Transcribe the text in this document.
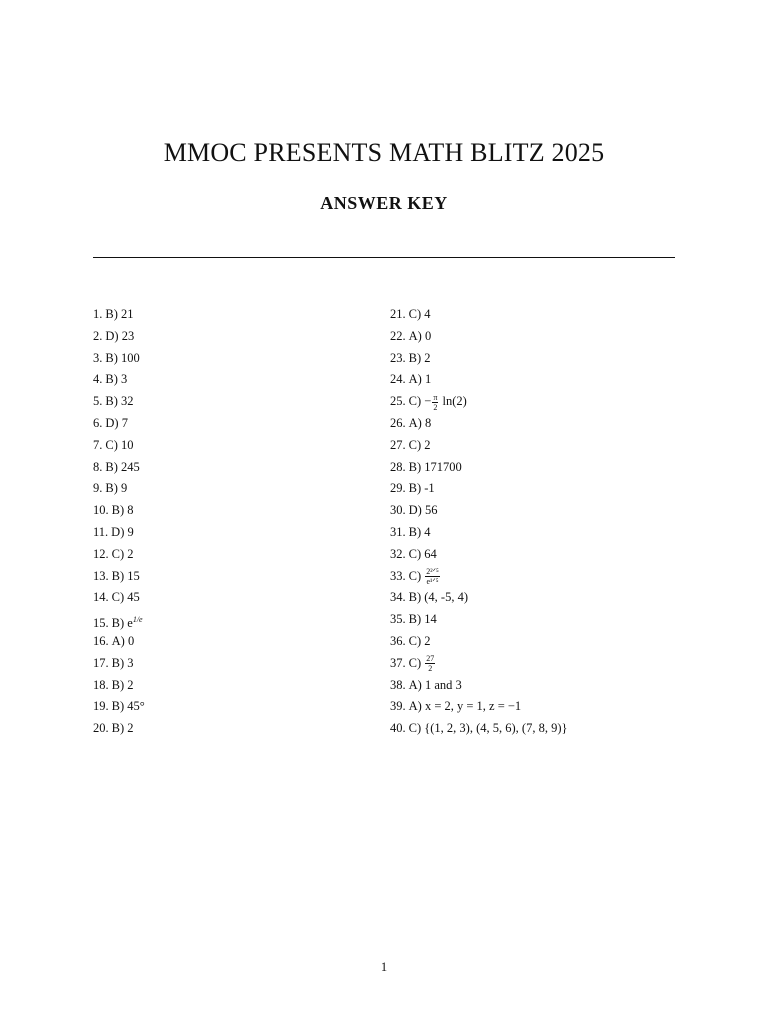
MMOC PRESENTS MATH BLITZ 2025
ANSWER KEY
1. B) 21
2. D) 23
3. B) 100
4. B) 3
5. B) 32
6. D) 7
7. C) 10
8. B) 245
9. B) 9
10. B) 8
11. D) 9
12. C) 2
13. B) 15
14. C) 45
15. B) $e^{1/e}$
16. A) 0
17. B) 3
18. B) 2
19. B) 45°
20. B) 2
21. C) 4
22. A) 0
23. B) 2
24. A) 1
25. $C) - \frac{\pi}{2} \ln(2)$
26. A) 8
27. C) 2
28. B) 171700
29. B) -1
30. D) 56
31. B) 4
32. C) 64
33. $C) \frac{\text{2²ᐟ⁵}}{\text{e¹ᐟ⁵}}$
34. B) (4, -5, 4)
35. B) 14
36. C) 2
37. $C) \frac{27}{2}$
38. A) 1 and 3
39. A) x = 2, y = 1, z = −1
40. C) {(1, 2, 3), (4, 5, 6), (7, 8, 9)}
1
